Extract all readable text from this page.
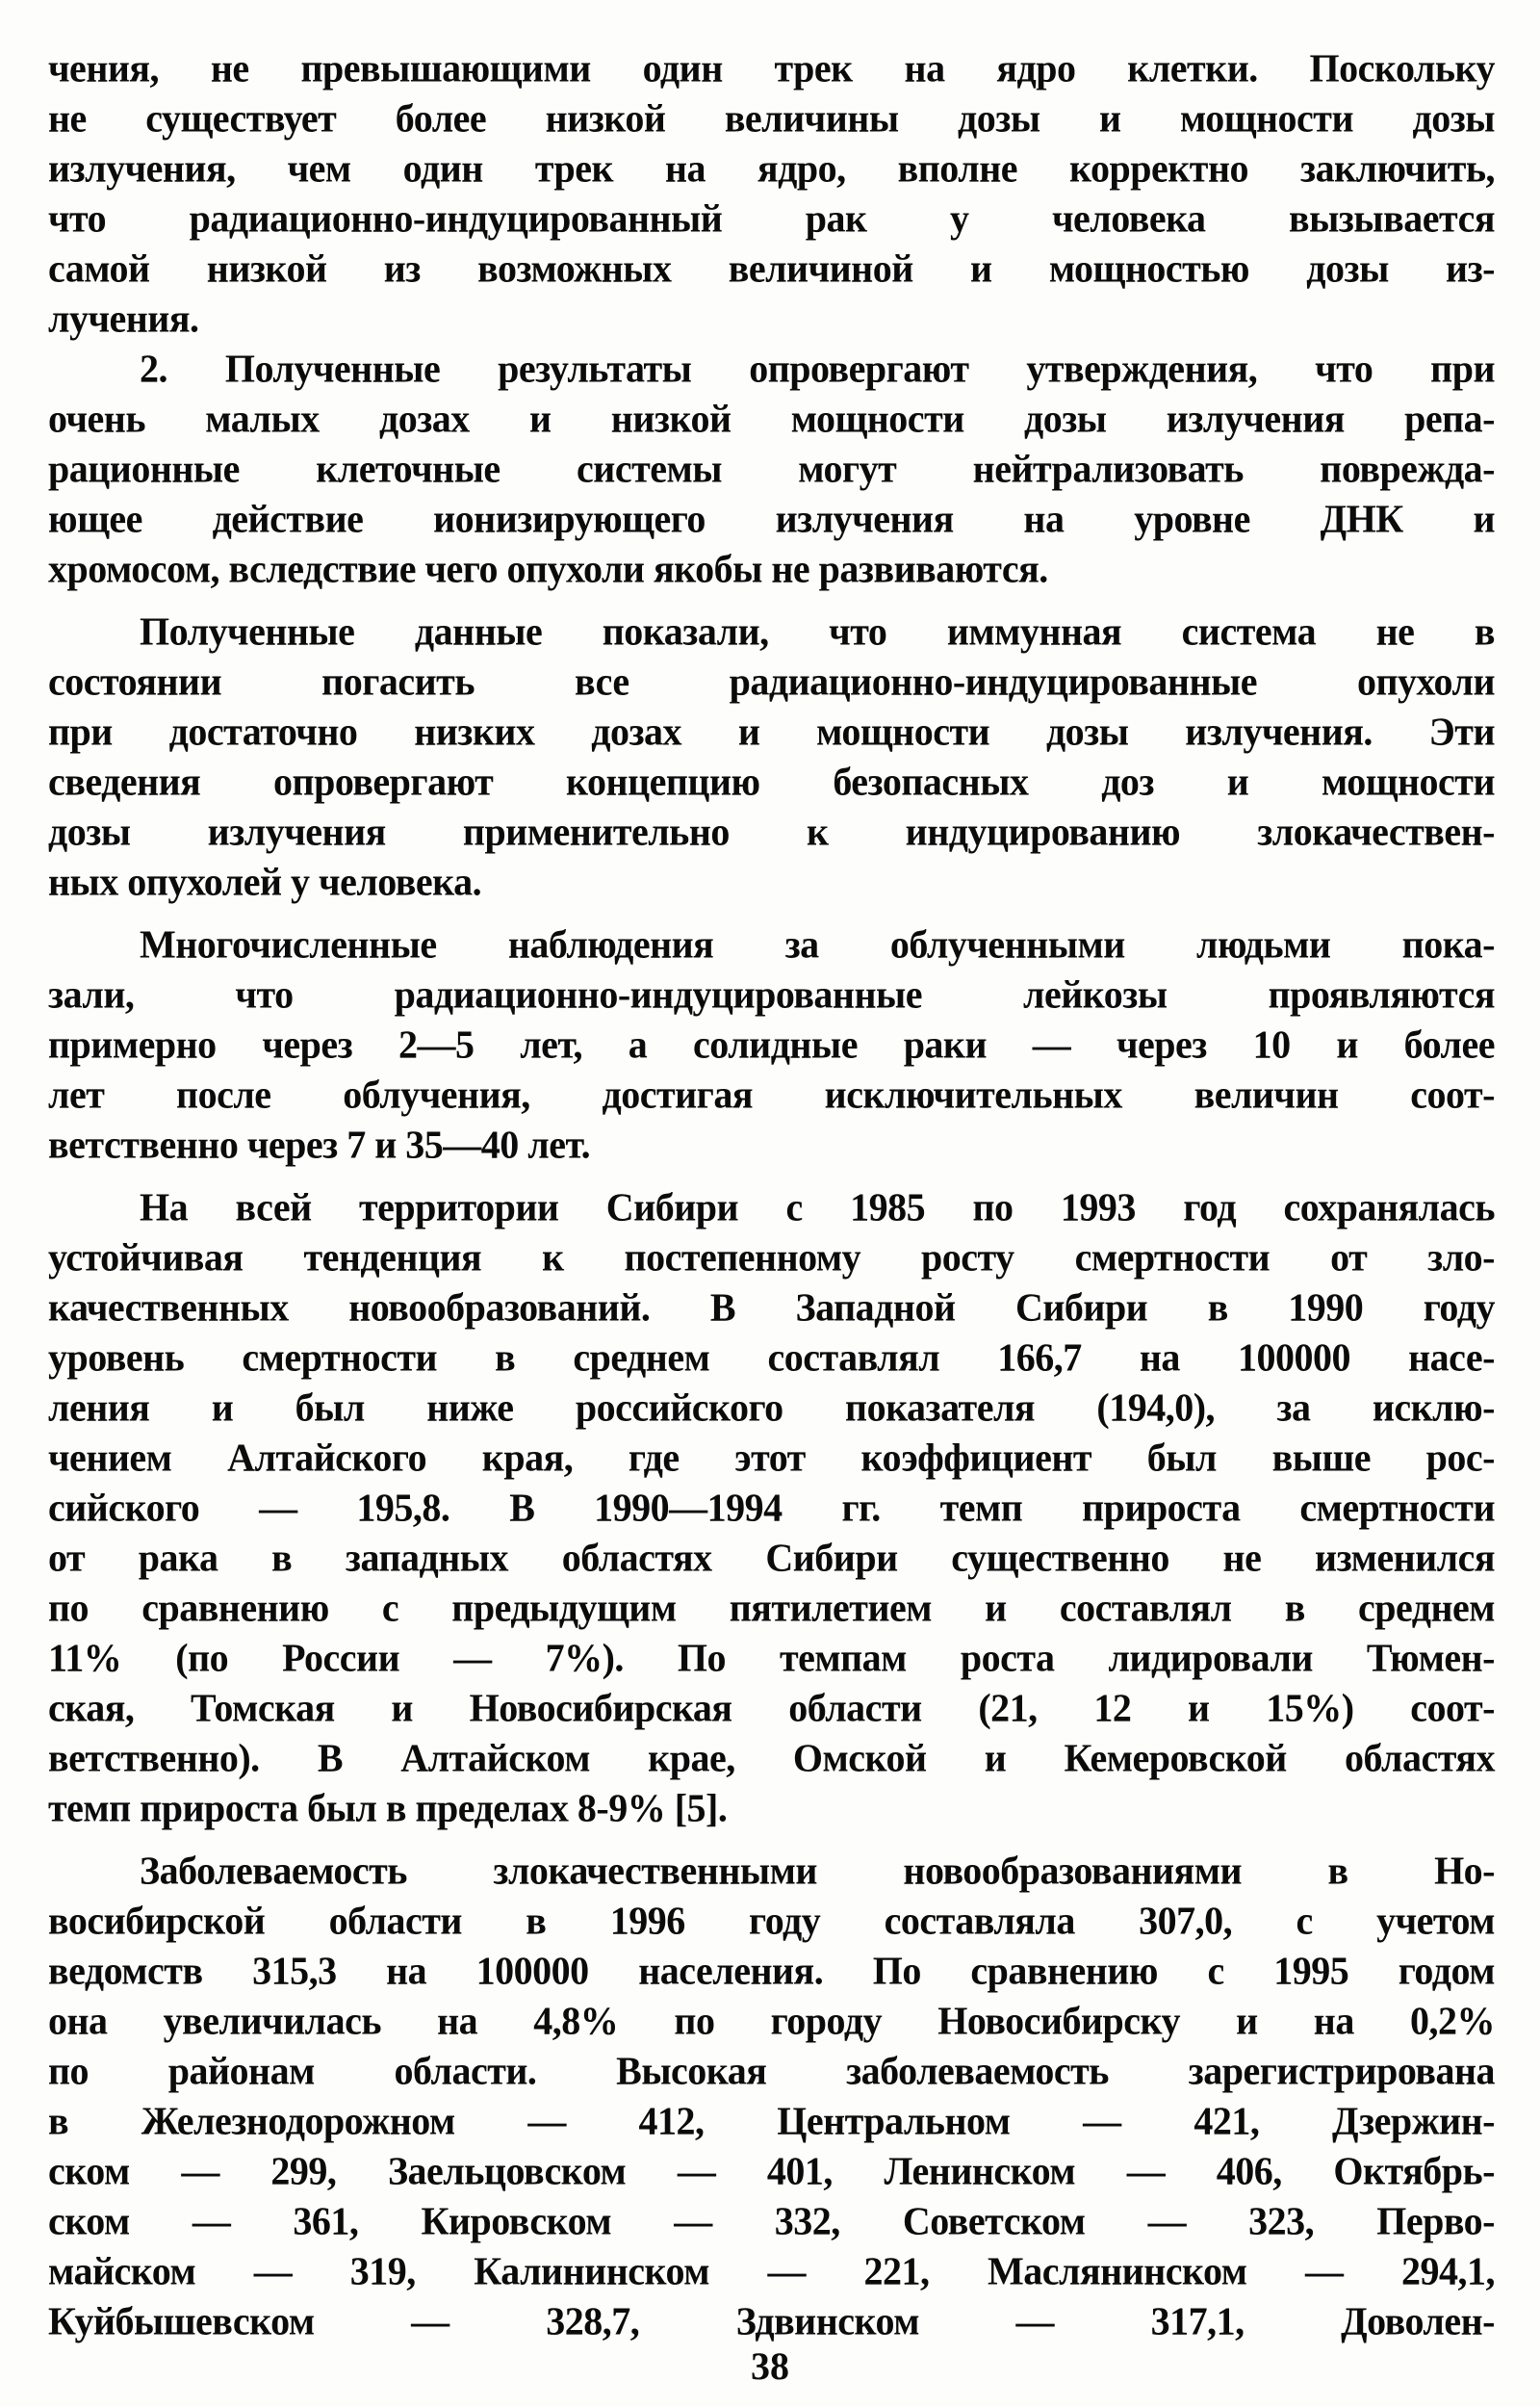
чения, не превышающими один трек на ядро клетки. Поскольку
не существует более низкой величины дозы и мощности дозы
излучения, чем один трек на ядро, вполне корректно заключить,
что радиационно-индуцированный рак у человека вызывается
самой низкой из возможных величиной и мощностью дозы из-
лучения.
2. Полученные результаты опровергают утверждения, что при
очень малых дозах и низкой мощности дозы излучения репа-
рационные клеточные системы могут нейтрализовать поврежда-
ющее действие ионизирующего излучения на уровне ДНК и
хромосом, вследствие чего опухоли якобы не развиваются.
Полученные данные показали, что иммунная система не в
состоянии погасить все радиационно-индуцированные опухоли
при достаточно низких дозах и мощности дозы излучения. Эти
сведения опровергают концепцию безопасных доз и мощности
дозы излучения применительно к индуцированию злокачествен-
ных опухолей у человека.
Многочисленные наблюдения за облученными людьми пока-
зали, что радиационно-индуцированные лейкозы проявляются
примерно через 2—5 лет, а солидные раки — через 10 и более
лет после облучения, достигая исключительных величин соот-
ветственно через 7 и 35—40 лет.
На всей территории Сибири с 1985 по 1993 год сохранялась
устойчивая тенденция к постепенному росту смертности от зло-
качественных новообразований. В Западной Сибири в 1990 году
уровень смертности в среднем составлял 166,7 на 100000 насе-
ления и был ниже российского показателя (194,0), за исклю-
чением Алтайского края, где этот коэффициент был выше рос-
сийского — 195,8. В 1990—1994 гг. темп прироста смертности
от рака в западных областях Сибири существенно не изменился
по сравнению с предыдущим пятилетием и составлял в среднем
11% (по России — 7%). По темпам роста лидировали Тюмен-
ская, Томская и Новосибирская области (21, 12 и 15%) соот-
ветственно). В Алтайском крае, Омской и Кемеровской областях
темп прироста был в пределах 8-9% [5].
Заболеваемость злокачественными новообразованиями в Но-
восибирской области в 1996 году составляла 307,0, с учетом
ведомств 315,3 на 100000 населения. По сравнению с 1995 годом
она увеличилась на 4,8% по городу Новосибирску и на 0,2%
по районам области. Высокая заболеваемость зарегистрирована
в Железнодорожном — 412, Центральном — 421, Дзержин-
ском — 299, Заельцовском — 401, Ленинском — 406, Октябрь-
ском — 361, Кировском — 332, Советском — 323, Перво-
майском — 319, Калининском — 221, Маслянинском — 294,1,
Куйбышевском — 328,7, Здвинском — 317,1, Доволен-
38
